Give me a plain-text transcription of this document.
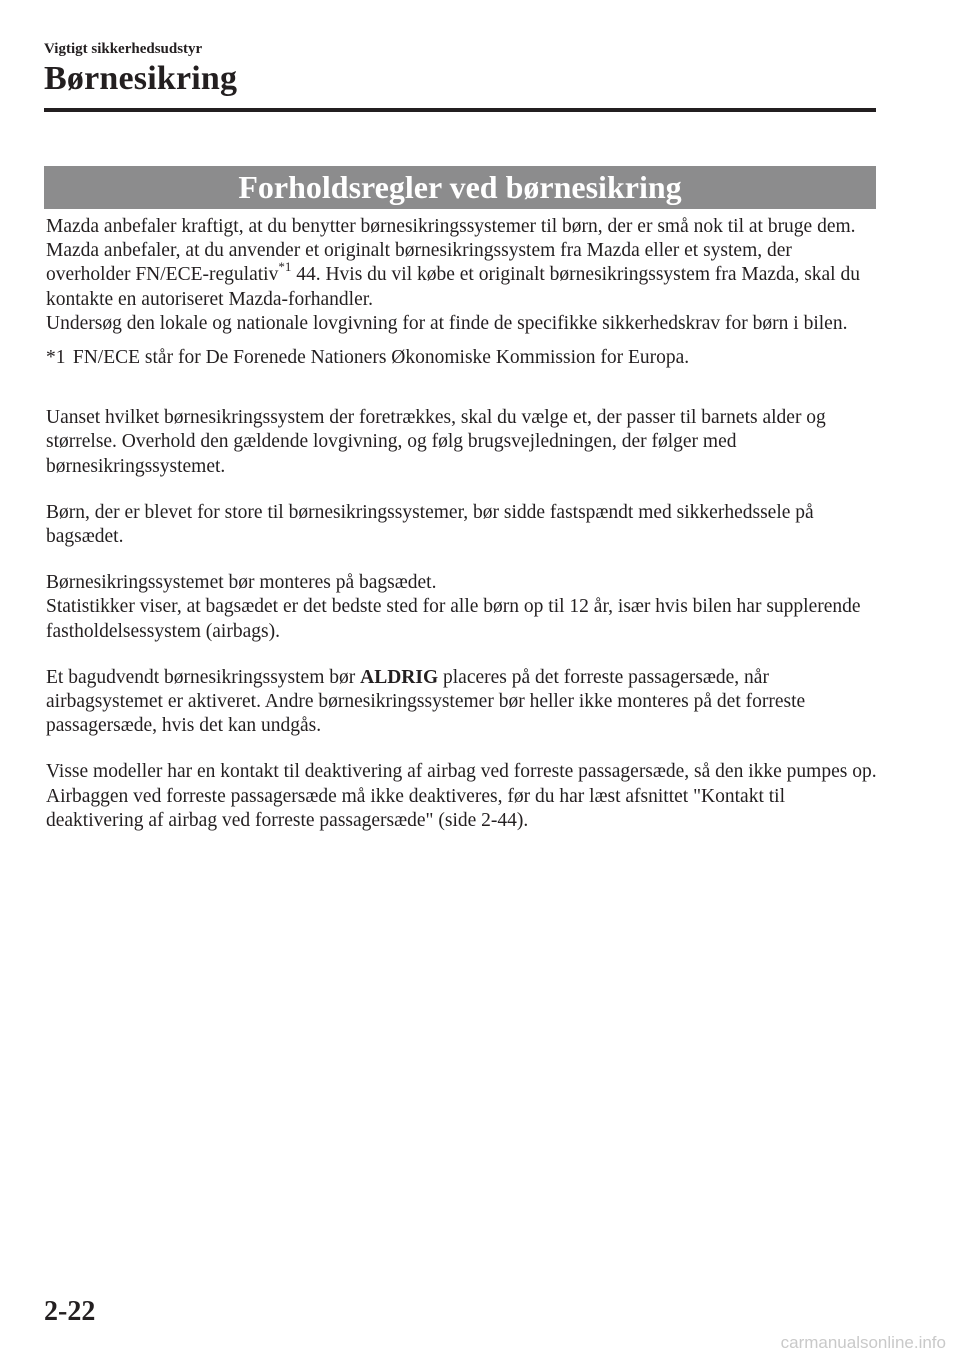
Vigtigt sikkerhedsudstyr
Børnesikring
Forholdsregler ved børnesikring

Mazda anbefaler kraftigt, at du benytter børnesikringssystemer til børn, der er små nok til at bruge dem.

Mazda anbefaler, at du anvender et originalt børnesikringssystem fra Mazda eller et system, der overholder FN/ECE-regulativ$^{*1}$ 44. Hvis du vil købe et originalt børnesikringssystem fra Mazda, skal du kontakte en autoriseret Mazda-forhandler.

Undersøg den lokale og nationale lovgivning for at finde de specifikke sikkerhedskrav for børn i bilen.

*1 FN/ECE står for De Forenede Nationers Økonomiske Kommission for Europa.

Uanset hvilket børnesikringssystem der foretrækkes, skal du vælge et, der passer til barnets alder og størrelse. Overhold den gældende lovgivning, og følg brugsvejledningen, der følger med børnesikringssystemet.

Børn, der er blevet for store til børnesikringssystemer, bør sidde fastspændt med sikkerhedssele på bagsædet.

Børnesikringssystemet bør monteres på bagsædet.

Statistikker viser, at bagsædet er det bedste sted for alle børn op til 12 år, især hvis bilen har supplerende fastholdelsessystem (airbags).

Et bagudvendt børnesikringssystem bør ALDRIG placeres på det forreste passagersæde, når airbagsystemet er aktiveret. Andre børnesikringssystemer bør heller ikke monteres på det forreste passagersæde, hvis det kan undgås.

Visse modeller har en kontakt til deaktivering af airbag ved forreste passagersæde, så den ikke pumpes op. Airbaggen ved forreste passagersæde må ikke deaktiveres, før du har læst afsnittet "Kontakt til deaktivering af airbag ved forreste passagersæde" (side 2-44).

2-22
carmanualsonline.info
